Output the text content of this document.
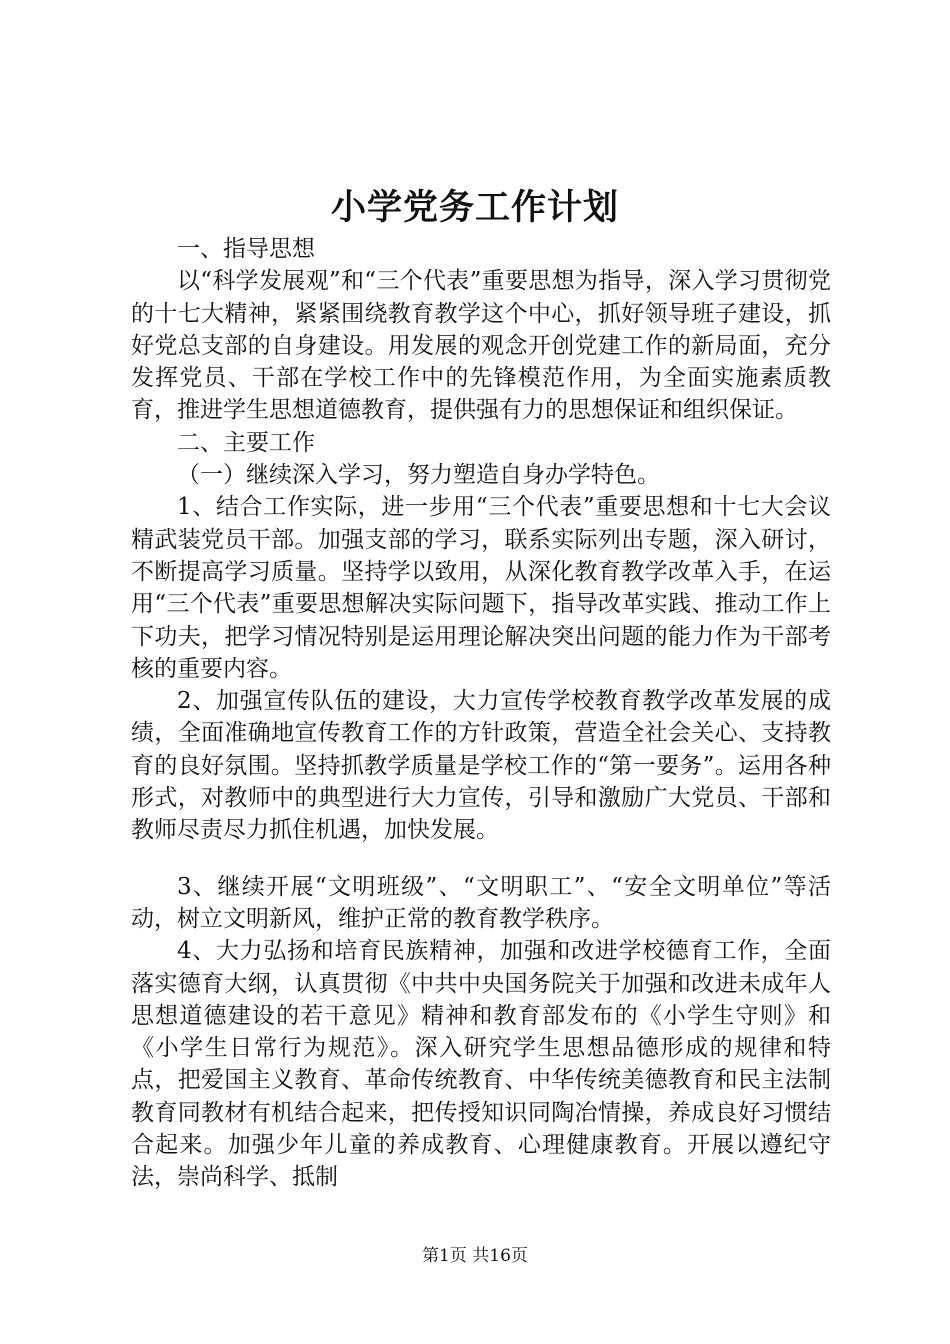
小学党务工作计划

一、指导思想

以“科学发展观”和“三个代表”重要思想为指导，深入学习贯彻党的十七大精神，紧紧围绕教育教学这个中心，抓好领导班子建设，抓好党总支部的自身建设。用发展的观念开创党建工作的新局面，充分发挥党员、干部在学校工作中的先锋模范作用，为全面实施素质教育，推进学生思想道德教育，提供强有力的思想保证和组织保证。

二、主要工作

（一）继续深入学习，努力塑造自身办学特色。

1、结合工作实际，进一步用“三个代表”重要思想和十七大会议精武装党员干部。加强支部的学习，联系实际列出专题，深入研讨，不断提高学习质量。坚持学以致用，从深化教育教学改革入手，在运用“三个代表”重要思想解决实际问题下，指导改革实践、推动工作上下功夫，把学习情况特别是运用理论解决突出问题的能力作为干部考核的重要内容。

2、加强宣传队伍的建设，大力宣传学校教育教学改革发展的成绩，全面准确地宣传教育工作的方针政策，营造全社会关心、支持教育的良好氛围。坚持抓教学质量是学校工作的“第一要务”。运用各种形式，对教师中的典型进行大力宣传，引导和激励广大党员、干部和教师尽责尽力抓住机遇，加快发展。

3、继续开展“文明班级”、“文明职工”、“安全文明单位”等活动，树立文明新风，维护正常的教育教学秩序。

4、大力弘扬和培育民族精神，加强和改进学校德育工作，全面落实德育大纲，认真贯彻《中共中央国务院关于加强和改进未成年人思想道德建设的若干意见》精神和教育部发布的《小学生守则》和《小学生日常行为规范》。深入研究学生思想品德形成的规律和特点，把爱国主义教育、革命传统教育、中华传统美德教育和民主法制教育同教材有机结合起来，把传授知识同陶冶情操，养成良好习惯结合起来。加强少年儿童的养成教育、心理健康教育。开展以遵纪守法，崇尚科学、抵制

第1页 共16页
